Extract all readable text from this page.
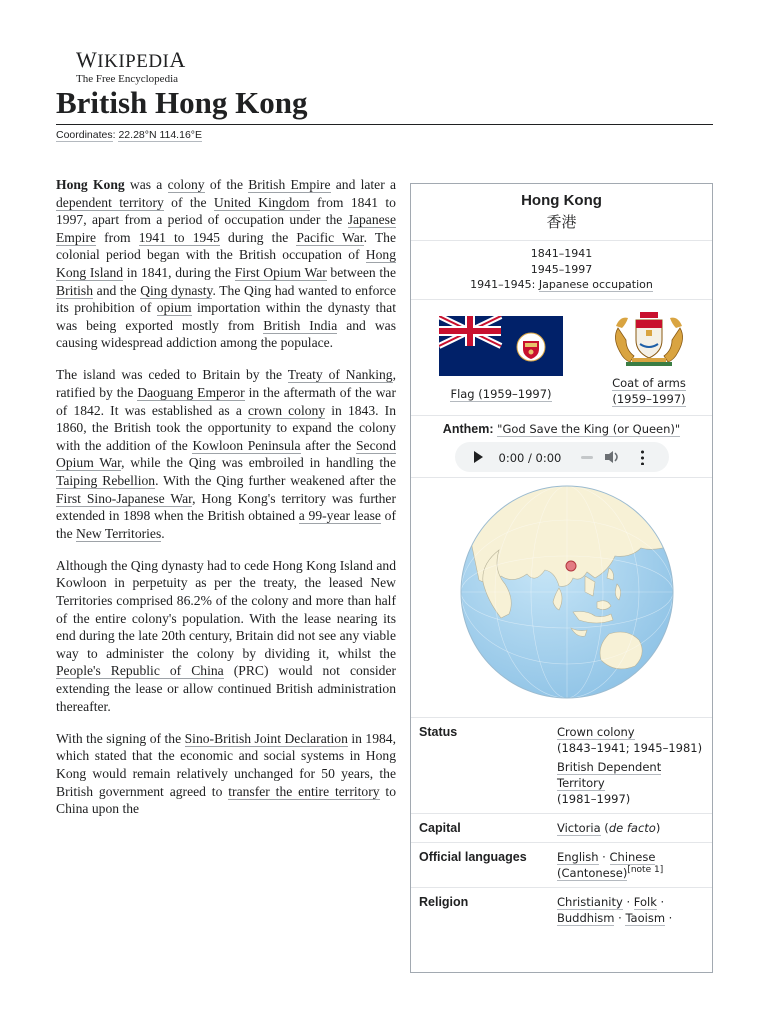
WIKIPEDIA
The Free Encyclopedia
British Hong Kong
Coordinates: 22.28°N 114.16°E

Hong Kong was a colony of the British Empire and later a dependent territory of the United Kingdom from 1841 to 1997, apart from a period of occupation under the Japanese Empire from 1941 to 1945 during the Pacific War. The colonial period began with the British occupation of Hong Kong Island in 1841, during the First Opium War between the British and the Qing dynasty. The Qing had wanted to enforce its prohibition of opium importation within the dynasty that was being exported mostly from British India and was causing widespread addiction among the populace.

The island was ceded to Britain by the Treaty of Nanking, ratified by the Daoguang Emperor in the aftermath of the war of 1842. It was established as a crown colony in 1843. In 1860, the British took the opportunity to expand the colony with the addition of the Kowloon Peninsula after the Second Opium War, while the Qing was embroiled in handling the Taiping Rebellion. With the Qing further weakened after the First Sino-Japanese War, Hong Kong's territory was further extended in 1898 when the British obtained a 99-year lease of the New Territories.

Although the Qing dynasty had to cede Hong Kong Island and Kowloon in perpetuity as per the treaty, the leased New Territories comprised 86.2% of the colony and more than half of the entire colony's population. With the lease nearing its end during the late 20th century, Britain did not see any viable way to administer the colony by dividing it, whilst the People's Republic of China (PRC) would not consider extending the lease or allow continued British administration thereafter.

With the signing of the Sino-British Joint Declaration in 1984, which stated that the economic and social systems in Hong Kong would remain relatively unchanged for 50 years, the British government agreed to transfer the entire territory to China upon the

Hong Kong
香港
1841–1941
1945–1997
1941–1945: Japanese occupation
Flag (1959–1997)
Coat of arms
(1959–1997)
Anthem: "God Save the King (or Queen)"
0:00 / 0:00
Status	Crown colony
(1843–1941; 1945–1981)
British Dependent Territory
(1981–1997)
Capital	Victoria (de facto)
Official languages	English · Chinese (Cantonese)[note 1]
Religion	Christianity · Folk ·
Buddhism · Taoism ·
